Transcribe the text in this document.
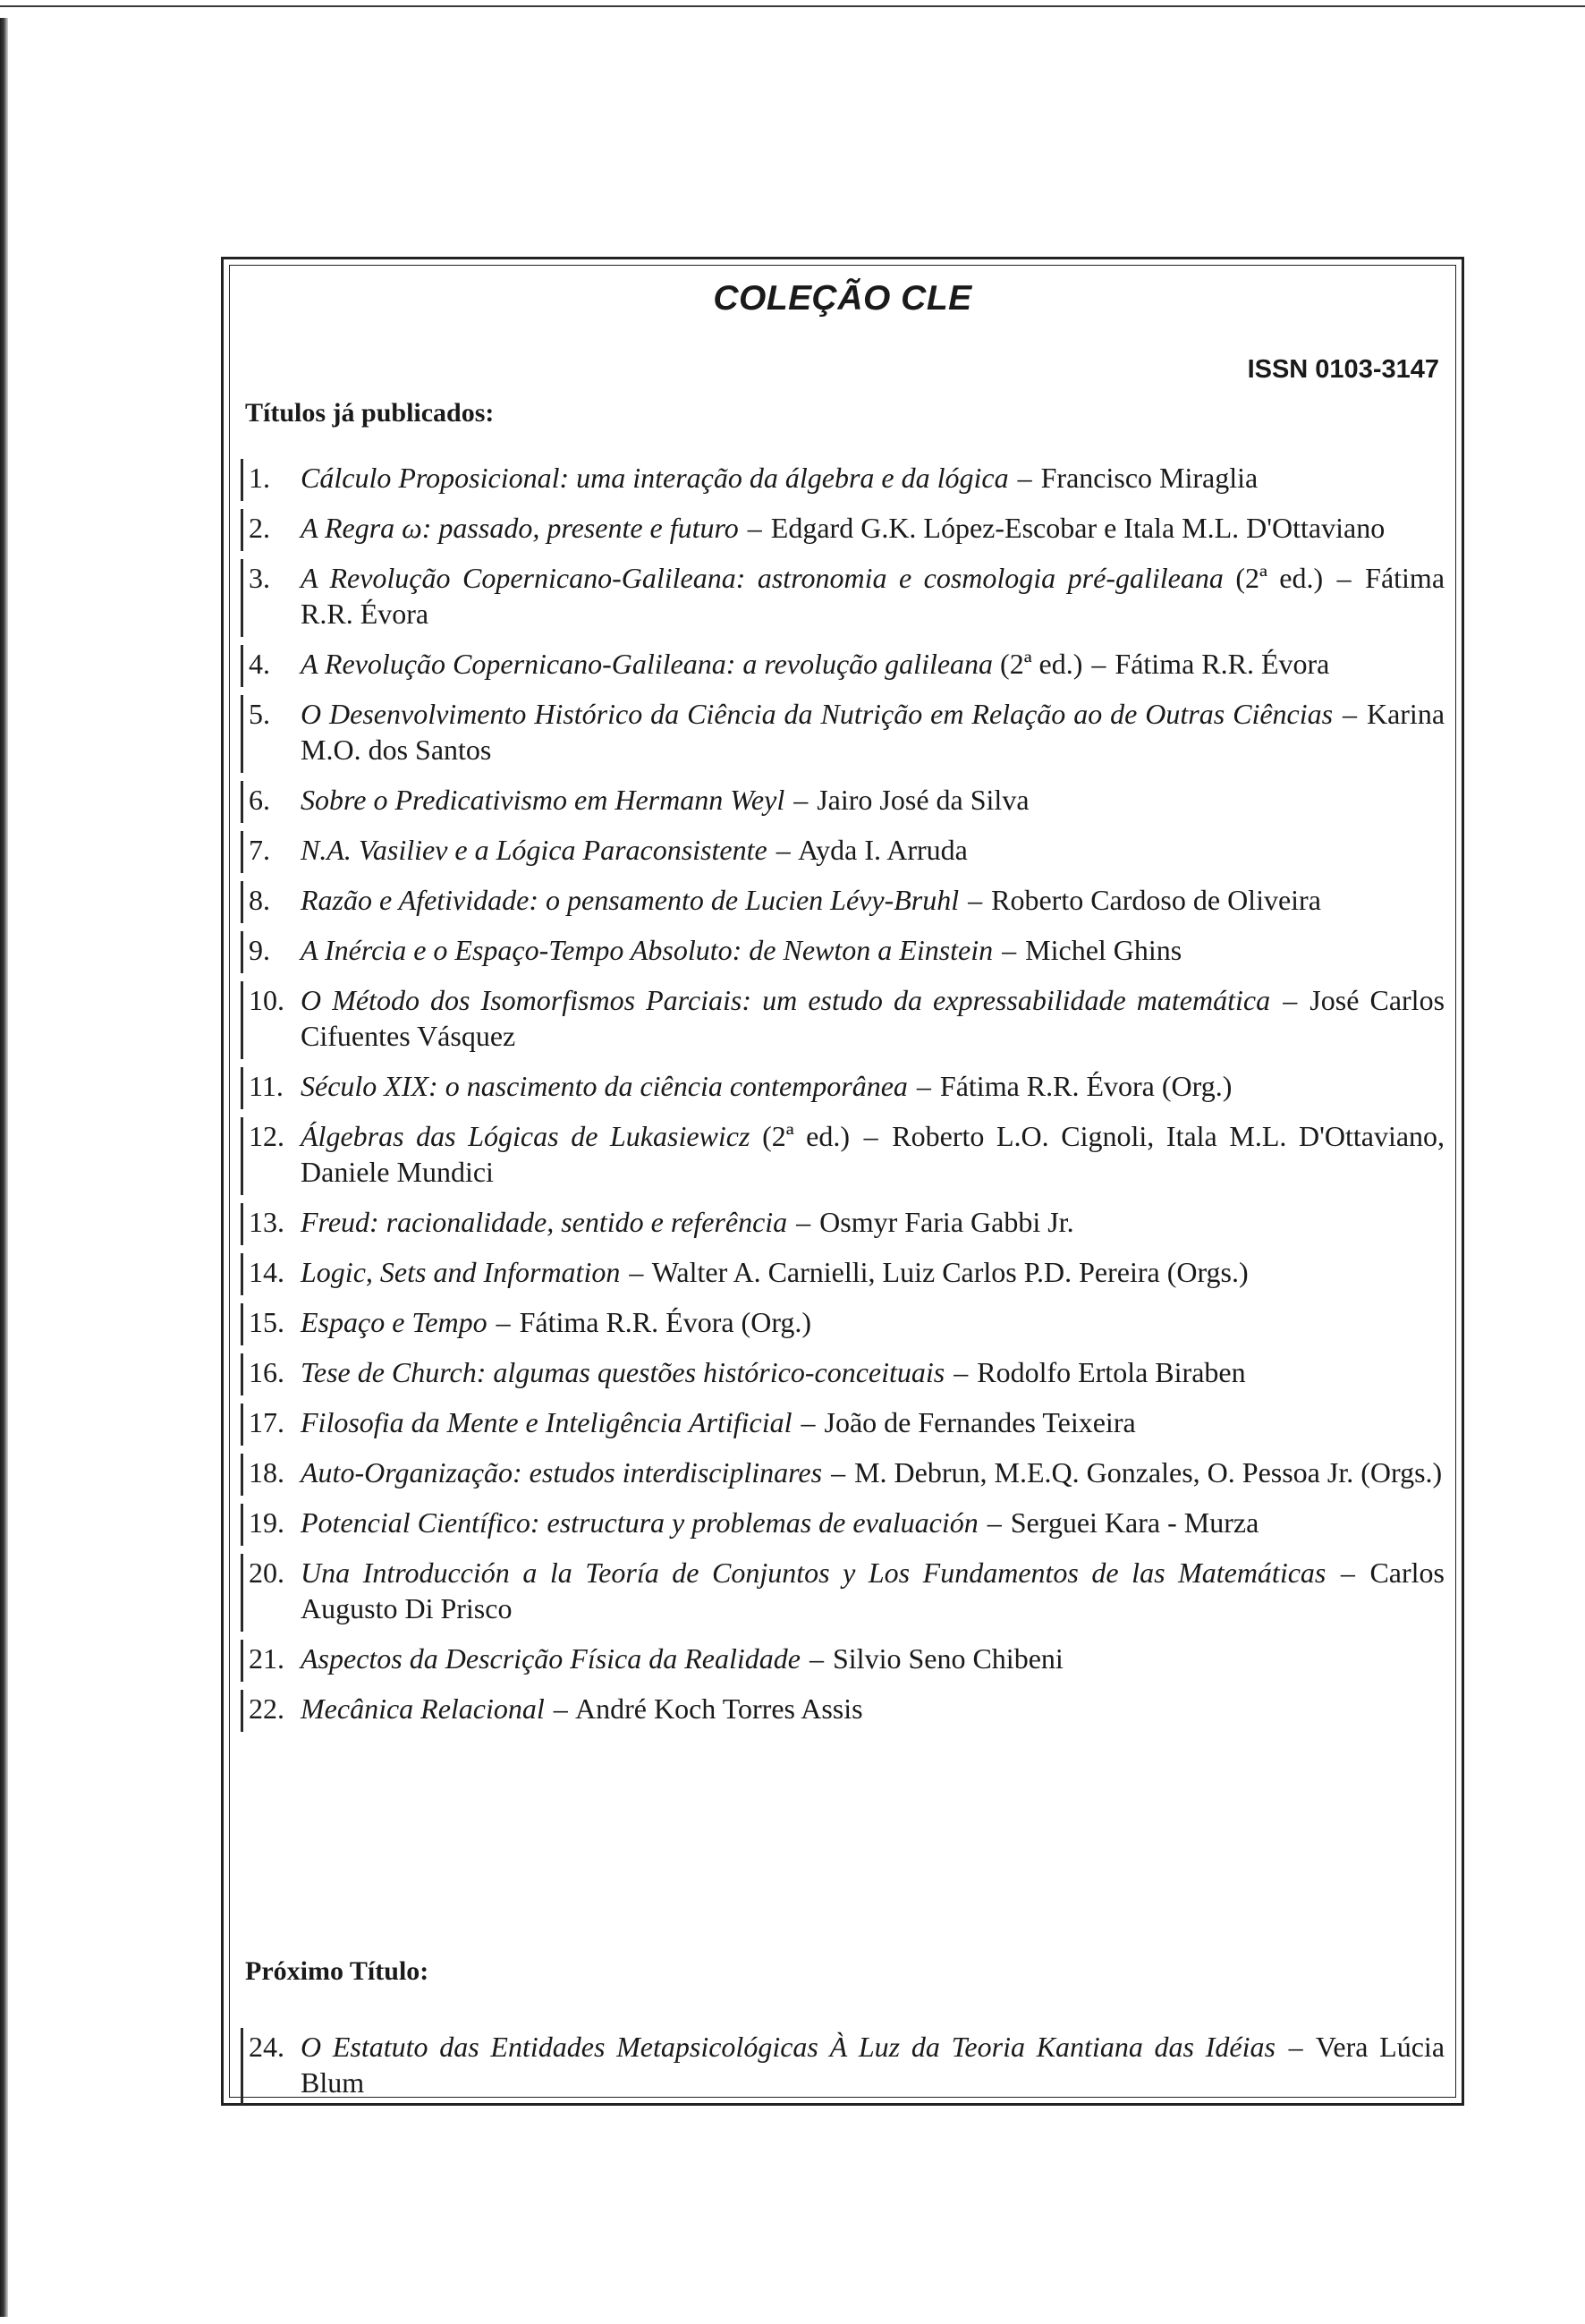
COLEÇÃO CLE
ISSN 0103-3147
Títulos já publicados:
1.	Cálculo Proposicional: uma interação da álgebra e da lógica – Francisco Miraglia
2.	A Regra ω: passado, presente e futuro – Edgard G.K. López-Escobar e Itala M.L. D'Ottaviano
3.	A Revolução Copernicano-Galileana: astronomia e cosmologia pré-galileana (2ª ed.) – Fátima R.R. Évora
4.	A Revolução Copernicano-Galileana: a revolução galileana (2ª ed.) – Fátima R.R. Évora
5.	O Desenvolvimento Histórico da Ciência da Nutrição em Relação ao de Outras Ciências – Karina M.O. dos Santos
6.	Sobre o Predicativismo em Hermann Weyl – Jairo José da Silva
7.	N.A. Vasiliev e a Lógica Paraconsistente – Ayda I. Arruda
8.	Razão e Afetividade: o pensamento de Lucien Lévy-Bruhl – Roberto Cardoso de Oliveira
9.	A Inércia e o Espaço-Tempo Absoluto: de Newton a Einstein – Michel Ghins
10. O Método dos Isomorfismos Parciais: um estudo da expressabilidade matemática – José Carlos Cifuentes Vásquez
11. Século XIX: o nascimento da ciência contemporânea – Fátima R.R. Évora (Org.)
12. Álgebras das Lógicas de Lukasiewicz (2ª ed.) – Roberto L.O. Cignoli, Itala M.L. D'Ottaviano, Daniele Mundici
13. Freud: racionalidade, sentido e referência – Osmyr Faria Gabbi Jr.
14. Logic, Sets and Information – Walter A. Carnielli, Luiz Carlos P.D. Pereira (Orgs.)
15. Espaço e Tempo – Fátima R.R. Évora (Org.)
16. Tese de Church: algumas questões histórico-conceituais – Rodolfo Ertola Biraben
17. Filosofia da Mente e Inteligência Artificial – João de Fernandes Teixeira
18. Auto-Organização: estudos interdisciplinares – M. Debrun, M.E.Q. Gonzales, O. Pessoa Jr. (Orgs.)
19. Potencial Científico: estructura y problemas de evaluación – Serguei Kara - Murza
20. Una Introducción a la Teoría de Conjuntos y Los Fundamentos de las Matemáticas – Carlos Augusto Di Prisco
21. Aspectos da Descrição Física da Realidade – Silvio Seno Chibeni
22. Mecânica Relacional – André Koch Torres Assis
Próximo Título:
24. O Estatuto das Entidades Metapsicológicas À Luz da Teoria Kantiana das Idéias – Vera Lúcia Blum
